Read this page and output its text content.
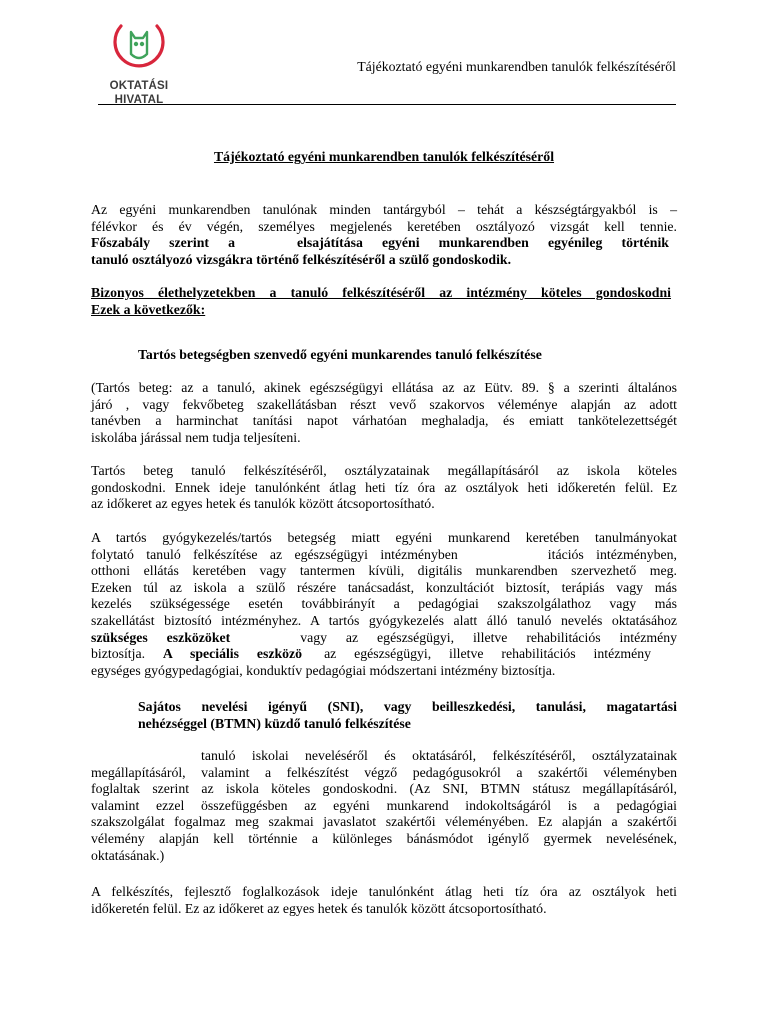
OKTATÁSI
HIVATAL
Tájékoztató egyéni munkarendben tanulók felkészítéséről
Tájékoztató egyéni munkarendben tanulók felkészítéséről
Az egyéni munkarendben tanulónak minden tantárgyból – tehát a készségtárgyakból is –
félévkor és év végén, személyes megjelenés keretében osztályozó vizsgát kell tennie.
Főszabály szerint a	elsajátítása egyéni munkarendben egyénileg történik
tanuló osztályozó vizsgákra történő felkészítéséről a szülő gondoskodik.
Bizonyos élethelyzetekben a tanuló felkészítéséről az intézmény köteles gondoskodni
Ezek a következők:
Tartós betegségben szenvedő egyéni munkarendes tanuló felkészítése
(Tartós beteg: az a tanuló, akinek egészségügyi ellátása az az Eütv. 89. § a szerinti általános
járó , vagy fekvőbeteg szakellátásban részt vevő szakorvos véleménye alapján az adott
tanévben a harminchat tanítási napot várhatóan meghaladja, és emiatt tankötelezettségét
iskolába járással nem tudja teljesíteni.
Tartós beteg tanuló felkészítéséről, osztályzatainak megállapításáról az iskola köteles
gondoskodni. Ennek ideje tanulónként átlag heti tíz óra az osztályok heti időkeretén felül. Ez
az időkeret az egyes hetek és tanulók között átcsoportosítható.
A tartós gyógykezelés/tartós betegség miatt egyéni munkarend keretében tanulmányokat
folytató tanuló felkészítése az egészségügyi intézményben	itációs intézményben,
otthoni ellátás keretében vagy tantermen kívüli, digitális munkarendben szervezhető meg.
Ezeken túl az iskola a szülő részére tanácsadást, konzultációt biztosít, terápiás vagy más
kezelés szükségessége esetén továbbirányít a pedagógiai szakszolgálathoz vagy más
szakellátást biztosító intézményhez. A tartós gyógykezelés alatt álló tanuló nevelés oktatásához
szükséges eszközöket	vagy az egészségügyi, illetve rehabilitációs intézmény
biztosítja. A speciális eszközö az egészségügyi, illetve rehabilitációs intézmény
egységes gyógypedagógiai, konduktív pedagógiai módszertani intézmény biztosítja.
Sajátos nevelési igényű (SNI), vagy beilleszkedési, tanulási, magatartási
nehézséggel (BTMN) küzdő tanuló felkészítése
tanuló iskolai neveléséről és oktatásáról, felkészítéséről, osztályzatainak
megállapításáról, valamint a felkészítést végző pedagógusokról a szakértői véleményben
foglaltak szerint az iskola köteles gondoskodni. (Az SNI, BTMN státusz megállapításáról,
valamint ezzel összefüggésben az egyéni munkarend indokoltságáról is a pedagógiai
szakszolgálat fogalmaz meg szakmai javaslatot szakértői véleményében. Ez alapján a szakértői
vélemény alapján kell történnie a különleges bánásmódot igénylő gyermek nevelésének,
oktatásának.)
A felkészítés, fejlesztő foglalkozások ideje tanulónként átlag heti tíz óra az osztályok heti
időkeretén felül. Ez az időkeret az egyes hetek és tanulók között átcsoportosítható.
